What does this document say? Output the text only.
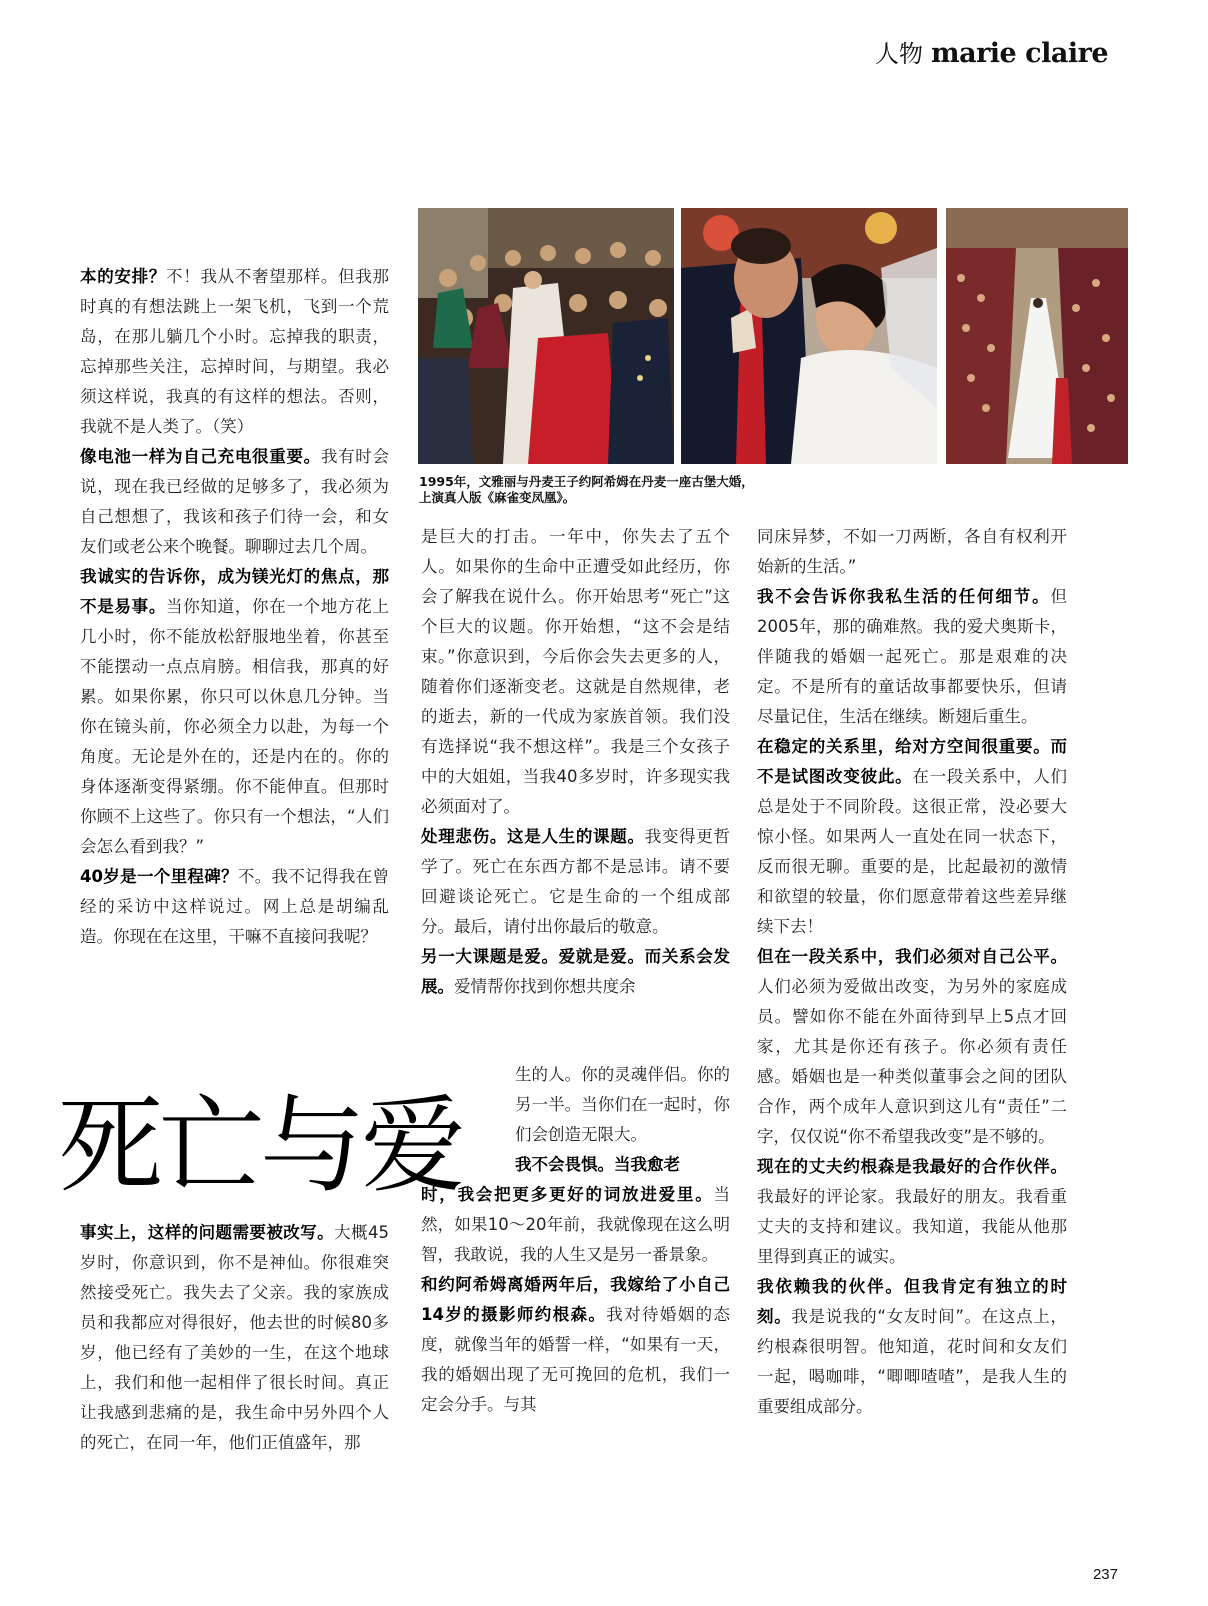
人物 marie claire
1995年，文雅丽与丹麦王子约阿希姆在丹麦一座古堡大婚，
上演真人版《麻雀变凤凰》。

本的安排？不！我从不奢望那样。但我那时真的有想法跳上一架飞机，飞到一个荒岛，在那儿躺几个小时。忘掉我的职责，忘掉那些关注，忘掉时间，与期望。我必须这样说，我真的有这样的想法。否则，我就不是人类了。（笑）

像电池一样为自己充电很重要。我有时会说，现在我已经做的足够多了，我必须为自己想想了，我该和孩子们待一会，和女友们或老公来个晚餐。聊聊过去几个周。

我诚实的告诉你，成为镁光灯的焦点，那不是易事。当你知道，你在一个地方花上几小时，你不能放松舒服地坐着，你甚至不能摆动一点点肩膀。相信我，那真的好累。如果你累，你只可以休息几分钟。当你在镜头前，你必须全力以赴，为每一个角度。无论是外在的，还是内在的。你的身体逐渐变得紧绷。你不能伸直。但那时你顾不上这些了。你只有一个想法，“人们会怎么看到我？”

40岁是一个里程碑？不。我不记得我在曾经的采访中这样说过。网上总是胡编乱造。你现在在这里，干嘛不直接问我呢？

死亡与爱

事实上，这样的问题需要被改写。大概45岁时，你意识到，你不是神仙。你很难突然接受死亡。我失去了父亲。我的家族成员和我都应对得很好，他去世的时候80多岁，他已经有了美妙的一生，在这个地球上，我们和他一起相伴了很长时间。真正让我感到悲痛的是，我生命中另外四个人的死亡，在同一年，他们正值盛年，那

是巨大的打击。一年中，你失去了五个人。如果你的生命中正遭受如此经历，你会了解我在说什么。你开始思考“死亡”这个巨大的议题。你开始想，“这不会是结束。”你意识到，今后你会失去更多的人，随着你们逐渐变老。这就是自然规律，老的逝去，新的一代成为家族首领。我们没有选择说“我不想这样”。我是三个女孩子中的大姐姐，当我40多岁时，许多现实我必须面对了。

处理悲伤。这是人生的课题。我变得更哲学了。死亡在东西方都不是忌讳。请不要回避谈论死亡。它是生命的一个组成部分。最后，请付出你最后的敬意。

另一大课题是爱。爱就是爱。而关系会发展。爱情帮你找到你想共度余

生的人。你的灵魂伴侣。你的另一半。当你们在一起时，你们会创造无限大。

我不会畏惧。当我愈老

时，我会把更多更好的词放进爱里。当然，如果10～20年前，我就像现在这么明智，我敢说，我的人生又是另一番景象。

和约阿希姆离婚两年后，我嫁给了小自己14岁的摄影师约根森。我对待婚姻的态度，就像当年的婚誓一样，“如果有一天，我的婚姻出现了无可挽回的危机，我们一定会分手。与其

同床异梦，不如一刀两断，各自有权利开始新的生活。”

我不会告诉你我私生活的任何细节。但2005年，那的确难熬。我的爱犬奥斯卡，伴随我的婚姻一起死亡。那是艰难的决定。不是所有的童话故事都要快乐，但请尽量记住，生活在继续。断翅后重生。

在稳定的关系里，给对方空间很重要。而不是试图改变彼此。在一段关系中，人们总是处于不同阶段。这很正常，没必要大惊小怪。如果两人一直处在同一状态下，反而很无聊。重要的是，比起最初的激情和欲望的较量，你们愿意带着这些差异继续下去！

但在一段关系中，我们必须对自己公平。人们必须为爱做出改变，为另外的家庭成员。譬如你不能在外面待到早上5点才回家，尤其是你还有孩子。你必须有责任感。婚姻也是一种类似董事会之间的团队合作，两个成年人意识到这儿有“责任”二字，仅仅说“你不希望我改变”是不够的。

现在的丈夫约根森是我最好的合作伙伴。我最好的评论家。我最好的朋友。我看重丈夫的支持和建议。我知道，我能从他那里得到真正的诚实。

我依赖我的伙伴。但我肯定有独立的时刻。我是说我的“女友时间”。在这点上，约根森很明智。他知道，花时间和女友们一起，喝咖啡，“唧唧喳喳”，是我人生的重要组成部分。

237
